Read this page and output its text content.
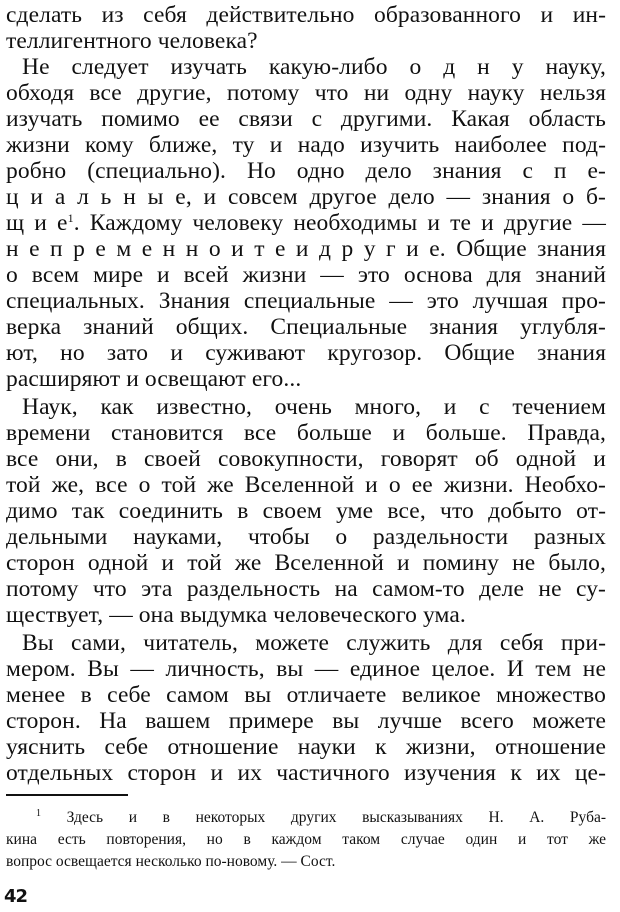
сделать из себя действительно образованного и ин-
теллигентного человека?
Не следует изучать какую-либо о д н у науку,
обходя все другие, потому что ни одну науку нельзя
изучать помимо ее связи с другими. Какая область
жизни кому ближе, ту и надо изучить наиболее под-
робно (специально). Но одно дело знания с п е-
ц и а л ь н ы е, и совсем другое дело — знания о б-
щ и $е^1$. Каждому человеку необходимы и те и другие —
н е п р е м е н н о и т е и д р у г и е. Общие знания
о всем мире и всей жизни — это основа для знаний
специальных. Знания специальные — это лучшая про-
верка знаний общих. Специальные знания углубля-
ют, но зато и суживают кругозор. Общие знания
расширяют и освещают его...
Наук, как известно, очень много, и с течением
времени становится все больше и больше. Правда,
все они, в своей совокупности, говорят об одной и
той же, все о той же Вселенной и о ее жизни. Необхо-
димо так соединить в своем уме все, что добыто от-
дельными науками, чтобы о раздельности разных
сторон одной и той же Вселенной и помину не было,
потому что эта раздельность на самом-то деле не су-
ществует, — она выдумка человеческого ума.
Вы сами, читатель, можете служить для себя при-
мером. Вы — личность, вы — единое целое. И тем не
менее в себе самом вы отличаете великое множество
сторон. На вашем примере вы лучше всего можете
уяснить себе отношение науки к жизни, отношение
отдельных сторон и их частичного изучения к их це-
$^1$ Здесь и в некоторых других высказываниях Н. А. Руба-
кина есть повторения, но в каждом таком случае один и тот же
вопрос освещается несколько по-новому. — Сост.
42
